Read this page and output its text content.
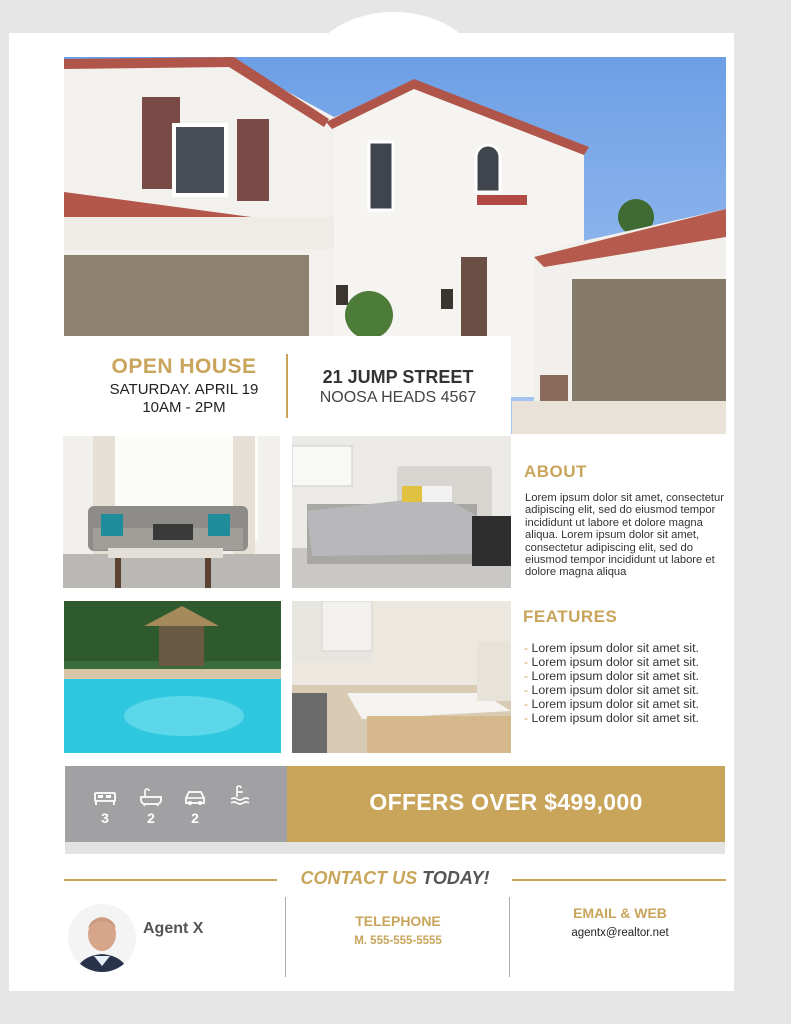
OPEN HOUSE
SATURDAY. APRIL 19
10AM - 2PM
21 JUMP STREET
NOOSA HEADS 4567
ABOUT
Lorem ipsum dolor sit amet, consectetur adipiscing elit, sed do eiusmod tempor incididunt ut labore et dolore magna aliqua. Lorem ipsum dolor sit amet, consectetur adipiscing elit, sed do eiusmod tempor incididunt ut labore et dolore magna aliqua
FEATURES
- Lorem ipsum dolor sit amet sit.
- Lorem ipsum dolor sit amet sit.
- Lorem ipsum dolor sit amet sit.
- Lorem ipsum dolor sit amet sit.
- Lorem ipsum dolor sit amet sit.
- Lorem ipsum dolor sit amet sit.
3	2	2
OFFERS OVER $499,000
CONTACT US TODAY!
Agent X	TELEPHONE
M. 555-555-5555
EMAIL & WEB
agentx@realtor.net
